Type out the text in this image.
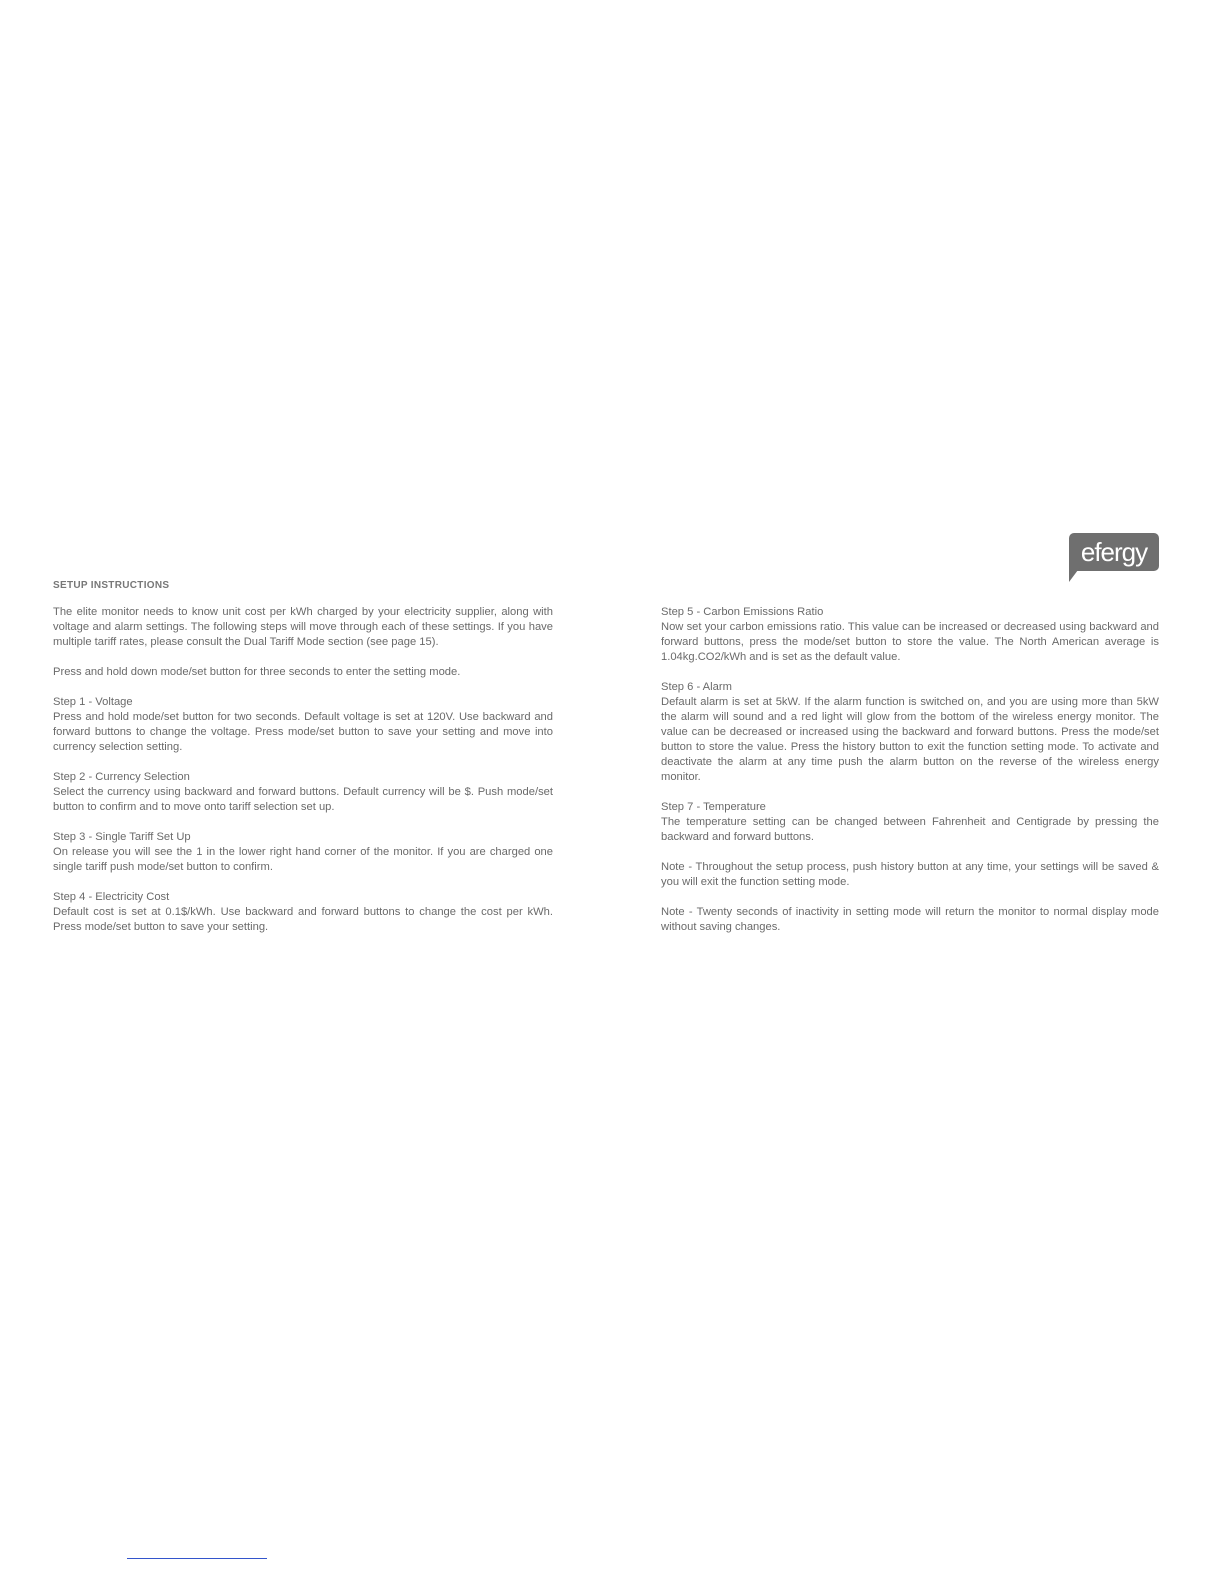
efergy
SETUP INSTRUCTIONS

The elite monitor needs to know unit cost per kWh charged by your electricity supplier, along with voltage and alarm settings. The following steps will move through each of these settings. If you have multiple tariff rates, please consult the Dual Tariff Mode section (see page 15).

Press and hold down mode/set button for three seconds to enter the setting mode.

Step 1 - Voltage
Press and hold mode/set button for two seconds. Default voltage is set at 120V. Use backward and forward buttons to change the voltage. Press mode/set button to save your setting and move into currency selection setting.

Step 2 - Currency Selection
Select the currency using backward and forward buttons. Default currency will be $. Push mode/set button to confirm and to move onto tariff selection set up.

Step 3 - Single Tariff Set Up
On release you will see the 1 in the lower right hand corner of the monitor. If you are charged one single tariff push mode/set button to confirm.

Step 4 - Electricity Cost
Default cost is set at 0.1$/kWh. Use backward and forward buttons to change the cost per kWh. Press mode/set button to save your setting.

Step 5 - Carbon Emissions Ratio
Now set your carbon emissions ratio. This value can be increased or decreased using backward and forward buttons, press the mode/set button to store the value. The North American average is 1.04kg.CO2/kWh and is set as the default value.

Step 6 - Alarm
Default alarm is set at 5kW. If the alarm function is switched on, and you are using more than 5kW the alarm will sound and a red light will glow from the bottom of the wireless energy monitor. The value can be decreased or increased using the backward and forward buttons. Press the mode/set button to store the value. Press the history button to exit the function setting mode. To activate and deactivate the alarm at any time push the alarm button on the reverse of the wireless energy monitor.

Step 7 - Temperature
The temperature setting can be changed between Fahrenheit and Centigrade by pressing the backward and forward buttons.

Note - Throughout the setup process, push history button at any time, your settings will be saved & you will exit the function setting mode.

Note - Twenty seconds of inactivity in setting mode will return the monitor to normal display mode without saving changes.
